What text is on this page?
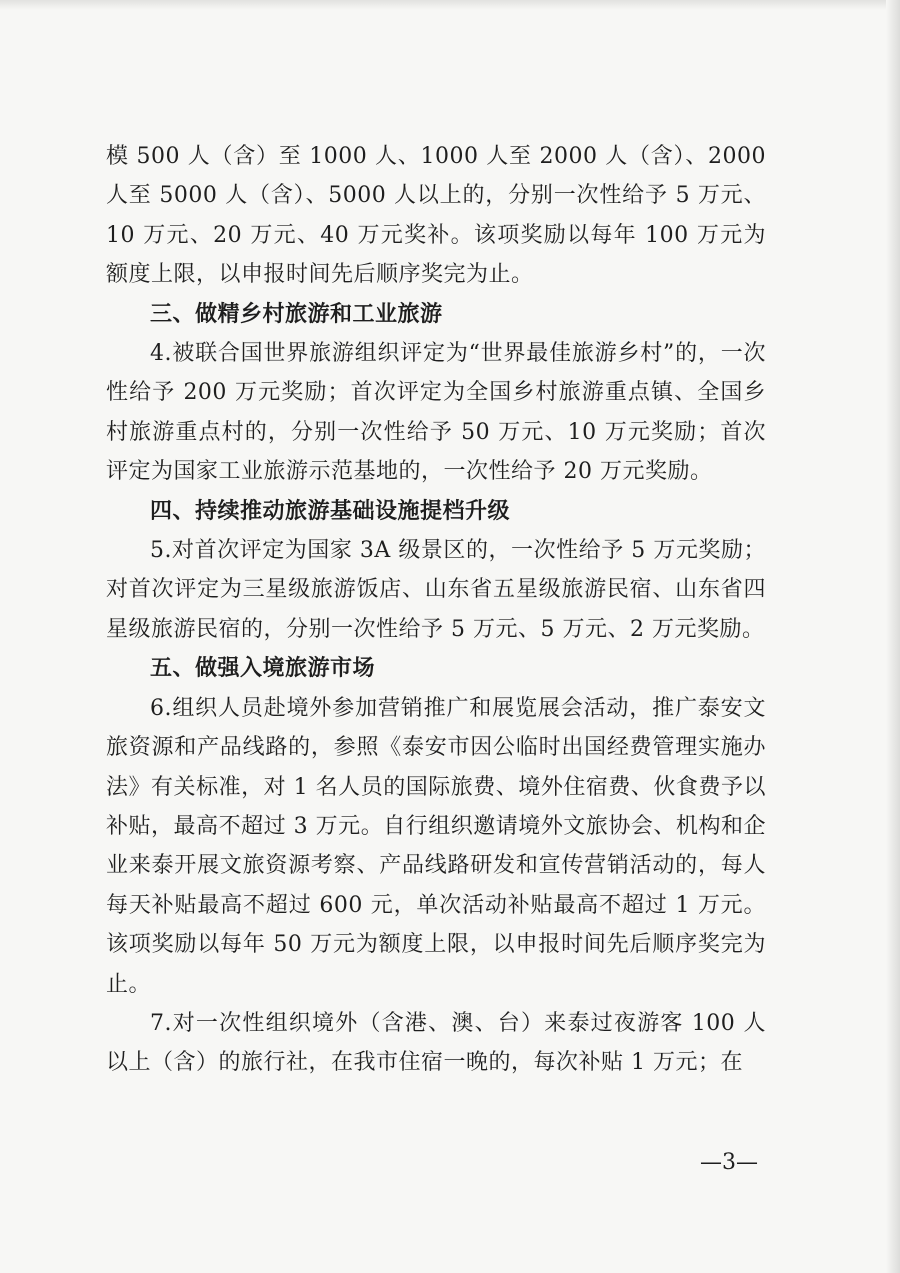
模 500 人（含）至 1000 人、1000 人至 2000 人（含）、2000 人至 5000 人（含）、5000 人以上的，分别一次性给予 5 万元、10 万元、20 万元、40 万元奖补。该项奖励以每年 100 万元为额度上限，以申报时间先后顺序奖完为止。

三、做精乡村旅游和工业旅游

4.被联合国世界旅游组织评定为“世界最佳旅游乡村”的，一次性给予 200 万元奖励；首次评定为全国乡村旅游重点镇、全国乡村旅游重点村的，分别一次性给予 50 万元、10 万元奖励；首次评定为国家工业旅游示范基地的，一次性给予 20 万元奖励。

四、持续推动旅游基础设施提档升级

5.对首次评定为国家 3A 级景区的，一次性给予 5 万元奖励；对首次评定为三星级旅游饭店、山东省五星级旅游民宿、山东省四星级旅游民宿的，分别一次性给予 5 万元、5 万元、2 万元奖励。

五、做强入境旅游市场

6.组织人员赴境外参加营销推广和展览展会活动，推广泰安文旅资源和产品线路的，参照《泰安市因公临时出国经费管理实施办法》有关标准，对 1 名人员的国际旅费、境外住宿费、伙食费予以补贴，最高不超过 3 万元。自行组织邀请境外文旅协会、机构和企业来泰开展文旅资源考察、产品线路研发和宣传营销活动的，每人每天补贴最高不超过 600 元，单次活动补贴最高不超过 1 万元。该项奖励以每年 50 万元为额度上限，以申报时间先后顺序奖完为止。

7.对一次性组织境外（含港、澳、台）来泰过夜游客 100 人以上（含）的旅行社，在我市住宿一晚的，每次补贴 1 万元；在

—3—
